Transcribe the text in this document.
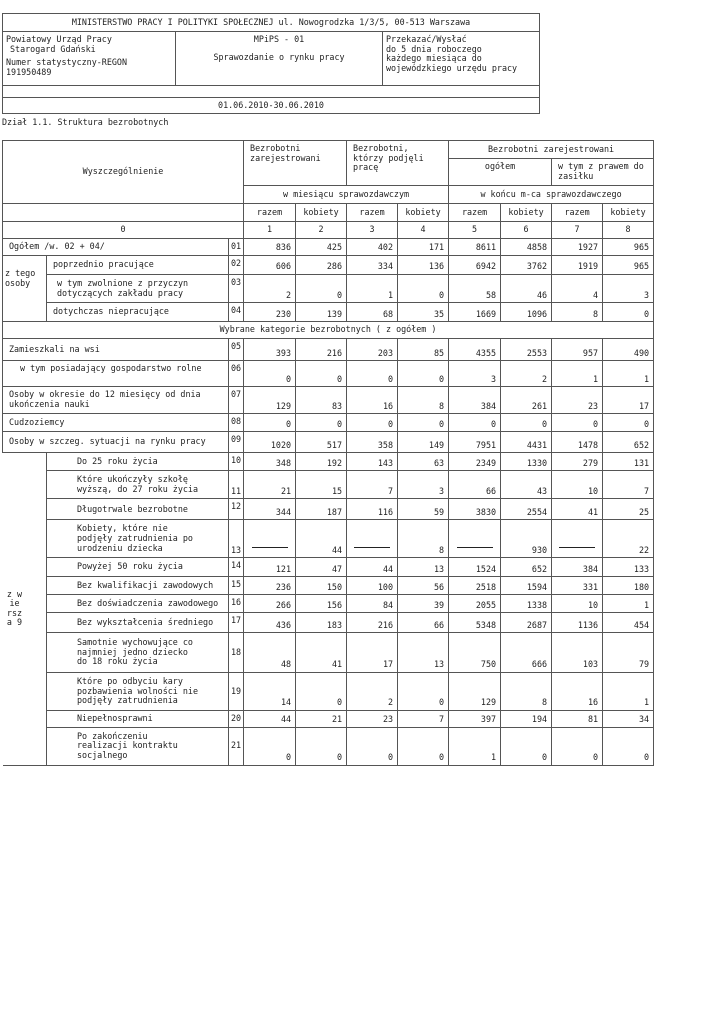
MINISTERSTWO PRACY I POLITYKI SPOŁECZNEJ ul. Nowogrodzka 1/3/5, 00-513 Warszawa

Powiatowy Urząd Pracy
Starogard Gdański
Numer statystyczny-REGON
191950489

MPiPS - 01
Sprawozdanie o rynku pracy

Przekazać/Wysłać
do 5 dnia roboczego
każdego miesiąca do
wojewódzkiego urzędu pracy

01.06.2010-30.06.2010
Dział 1.1. Struktura bezrobotnych
Wyszczególnienie			Bezrobotni zarejestrowani		Bezrobotni, którzy podjęli pracę		Bezrobotni zarejestrowani			
							ogółem		w tym z prawem do zasiłku	
			w miesiącu sprawozdawczym				w końcu m-ca sprawozdawczego			
			razem	kobiety	razem	kobiety	razem	kobiety	razem	kobiety
0			1	2	3	4	5	6	7	8
Ogółem /w. 02 + 04/		01	836	425	402	171	8611	4858	1927	965
z tego osoby	poprzednio pracujące	02	606	286	334	136	6942	3762	1919	965
	w tym zwolnione z przyczyn dotyczących zakładu pracy	03	2	0	1	0	58	46	4	3
	dotychczas niepracujące	04	230	139	68	35	1669	1096	8	0
Wybrane kategorie bezrobotnych ( z ogółem )										
Zamieszkali na wsi		05	393	216	203	85	4355	2553	957	490
w tym posiadający gospodarstwo rolne		06	0	0	0	0	3	2	1	1
Osoby w okresie do 12 miesięcy od dnia ukończenia nauki		07	129	83	16	8	384	261	23	17
Cudzoziemcy		08	0	0	0	0	0	0	0	0
Osoby w szczeg. sytuacji na rynku pracy		09	1020	517	358	149	7951	4431	1478	652

z wie rsz a 9	Do 25 roku życia	10	348	192	143	63	2349	1330	279	131
	Które ukończyły szkołę wyższą, do 27 roku życia	11	21	15	7	3	66	43	10	7
	Długotrwale bezrobotne	12	344	187	116	59	3830	2554	41	25
	Kobiety, które nie podjęły zatrudnienia po urodzeniu dziecka	13		44		8		930		22
	Powyżej 50 roku życia	14	121	47	44	13	1524	652	384	133
	Bez kwalifikacji zawodowych	15	236	150	100	56	2518	1594	331	180
	Bez doświadczenia zawodowego	16	266	156	84	39	2055	1338	10	1
	Bez wykształcenia średniego	17	436	183	216	66	5348	2687	1136	454
	Samotnie wychowujące co najmniej jedno dziecko do 18 roku życia	18	48	41	17	13	750	666	103	79
	Które po odbyciu kary pozbawienia wolności nie podjęły zatrudnienia	19	14	0	2	0	129	8	16	1
	Niepełnosprawni	20	44	21	23	7	397	194	81	34
	Po zakończeniu realizacji kontraktu socjalnego	21	0	0	0	0	1	0	0	0
